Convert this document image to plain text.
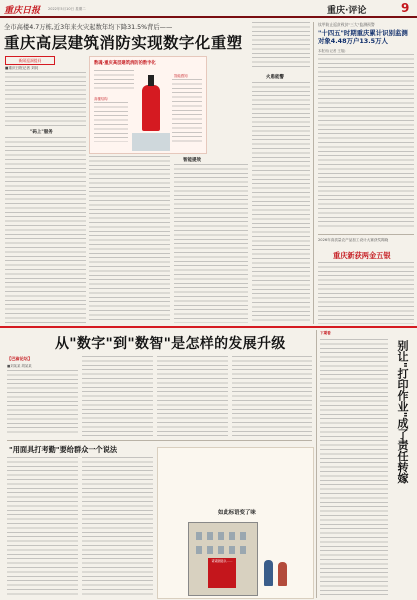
重庆日报 2022年5月10日 星期二	重庆·评论	9
全市高楼4.7万栋,近3年来火灾起数年均下降31.5%背后——
重庆高层建筑消防实现数字化重塑
新闻巡洞提问
■重庆日报记者 刘钊
"码上"服务
数魂·重庆高层建筑消防的数字化
高楼结构
智能感知
智能提效
火患能警
钛甲防止返贫致贫"三大"监测预警
"十四五"时期重庆累计识别监测对象4.48万户13.5万人
本报讯(记者 王翔)
2026年高质量农产品加工设计大赛获奖揭晓
重庆新获两金五银
从"数字"到"数智"是怎样的发展升级
【巴渝论坛】
■刘某某 胡某某
"用面具打考勤"要给群众一个说法
如此标语变了味
紧紧跟随以……
下期看
别让"打印作业"成了责任转嫁
